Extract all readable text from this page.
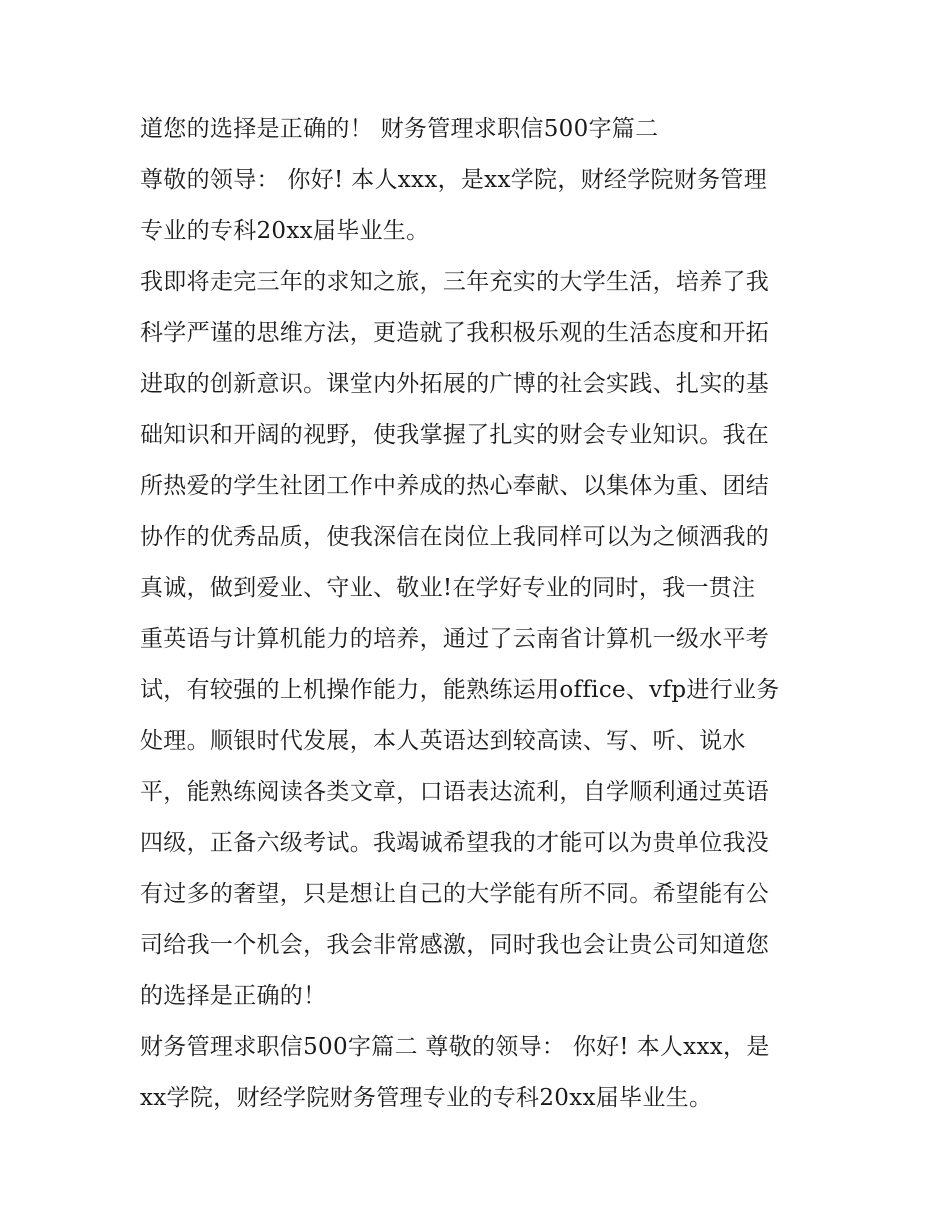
道您的选择是正确的！ 财务管理求职信500字篇二
尊敬的领导： 你好! 本人xxx，是xx学院，财经学院财务管理
专业的专科20xx届毕业生。
我即将走完三年的求知之旅，三年充实的大学生活，培养了我
科学严谨的思维方法，更造就了我积极乐观的生活态度和开拓
进取的创新意识。课堂内外拓展的广博的社会实践、扎实的基
础知识和开阔的视野，使我掌握了扎实的财会专业知识。我在
所热爱的学生社团工作中养成的热心奉献、以集体为重、团结
协作的优秀品质，使我深信在岗位上我同样可以为之倾洒我的
真诚，做到爱业、守业、敬业!在学好专业的同时，我一贯注
重英语与计算机能力的培养，通过了云南省计算机一级水平考
试，有较强的上机操作能力，能熟练运用office、vfp进行业务
处理。顺银时代发展，本人英语达到较高读、写、听、说水
平，能熟练阅读各类文章，口语表达流利，自学顺利通过英语
四级，正备六级考试。我竭诚希望我的才能可以为贵单位我没
有过多的奢望，只是想让自己的大学能有所不同。希望能有公
司给我一个机会，我会非常感激，同时我也会让贵公司知道您
的选择是正确的！
财务管理求职信500字篇二 尊敬的领导： 你好! 本人xxx，是
xx学院，财经学院财务管理专业的专科20xx届毕业生。
